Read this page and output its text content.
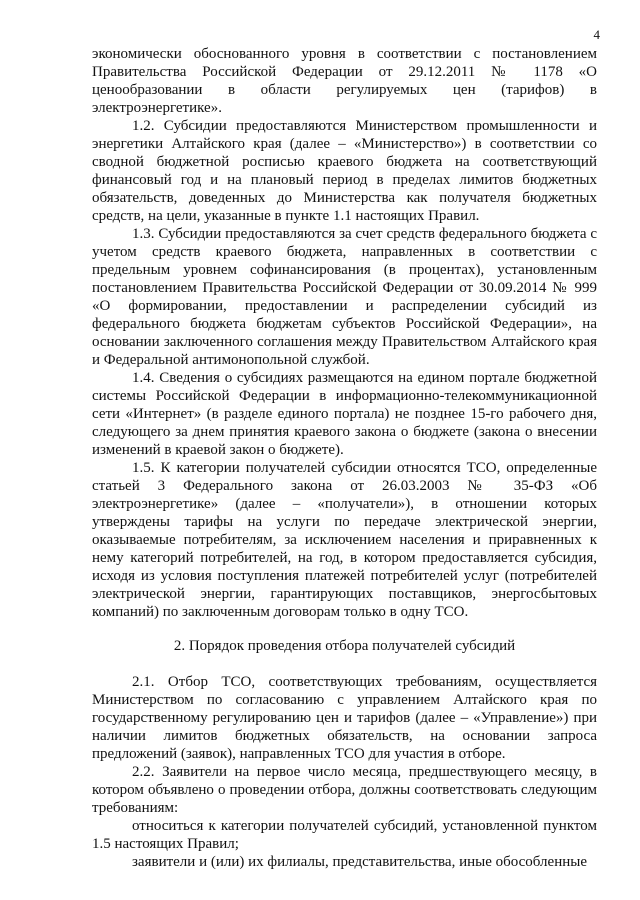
4

экономически обоснованного уровня в соответствии с постановлением Правительства Российской Федерации от 29.12.2011 № 1178 «О ценообразовании в области регулируемых цен (тарифов) в электроэнергетике».

1.2. Субсидии предоставляются Министерством промышленности и энергетики Алтайского края (далее – «Министерство») в соответствии со сводной бюджетной росписью краевого бюджета на соответствующий финансовый год и на плановый период в пределах лимитов бюджетных обязательств, доведенных до Министерства как получателя бюджетных средств, на цели, указанные в пункте 1.1 настоящих Правил.

1.3. Субсидии предоставляются за счет средств федерального бюджета с учетом средств краевого бюджета, направленных в соответствии с предельным уровнем софинансирования (в процентах), установленным постановлением Правительства Российской Федерации от 30.09.2014 № 999 «О формировании, предоставлении и распределении субсидий из федерального бюджета бюджетам субъектов Российской Федерации», на основании заключенного соглашения между Правительством Алтайского края и Федеральной антимонопольной службой.

1.4. Сведения о субсидиях размещаются на едином портале бюджетной системы Российской Федерации в информационно-телекоммуникационной сети «Интернет» (в разделе единого портала) не позднее 15-го рабочего дня, следующего за днем принятия краевого закона о бюджете (закона о внесении изменений в краевой закон о бюджете).

1.5. К категории получателей субсидии относятся ТСО, определенные статьей 3 Федерального закона от 26.03.2003 № 35-ФЗ «Об электроэнергетике» (далее – «получатели»), в отношении которых утверждены тарифы на услуги по передаче электрической энергии, оказываемые потребителям, за исключением населения и приравненных к нему категорий потребителей, на год, в котором предоставляется субсидия, исходя из условия поступления платежей потребителей услуг (потребителей электрической энергии, гарантирующих поставщиков, энергосбытовых компаний) по заключенным договорам только в одну ТСО.

2. Порядок проведения отбора получателей субсидий

2.1. Отбор ТСО, соответствующих требованиям, осуществляется Министерством по согласованию с управлением Алтайского края по государственному регулированию цен и тарифов (далее – «Управление») при наличии лимитов бюджетных обязательств, на основании запроса предложений (заявок), направленных ТСО для участия в отборе.

2.2. Заявители на первое число месяца, предшествующего месяцу, в котором объявлено о проведении отбора, должны соответствовать следующим требованиям:

относиться к категории получателей субсидий, установленной пунктом 1.5 настоящих Правил;

заявители и (или) их филиалы, представительства, иные обособленные
